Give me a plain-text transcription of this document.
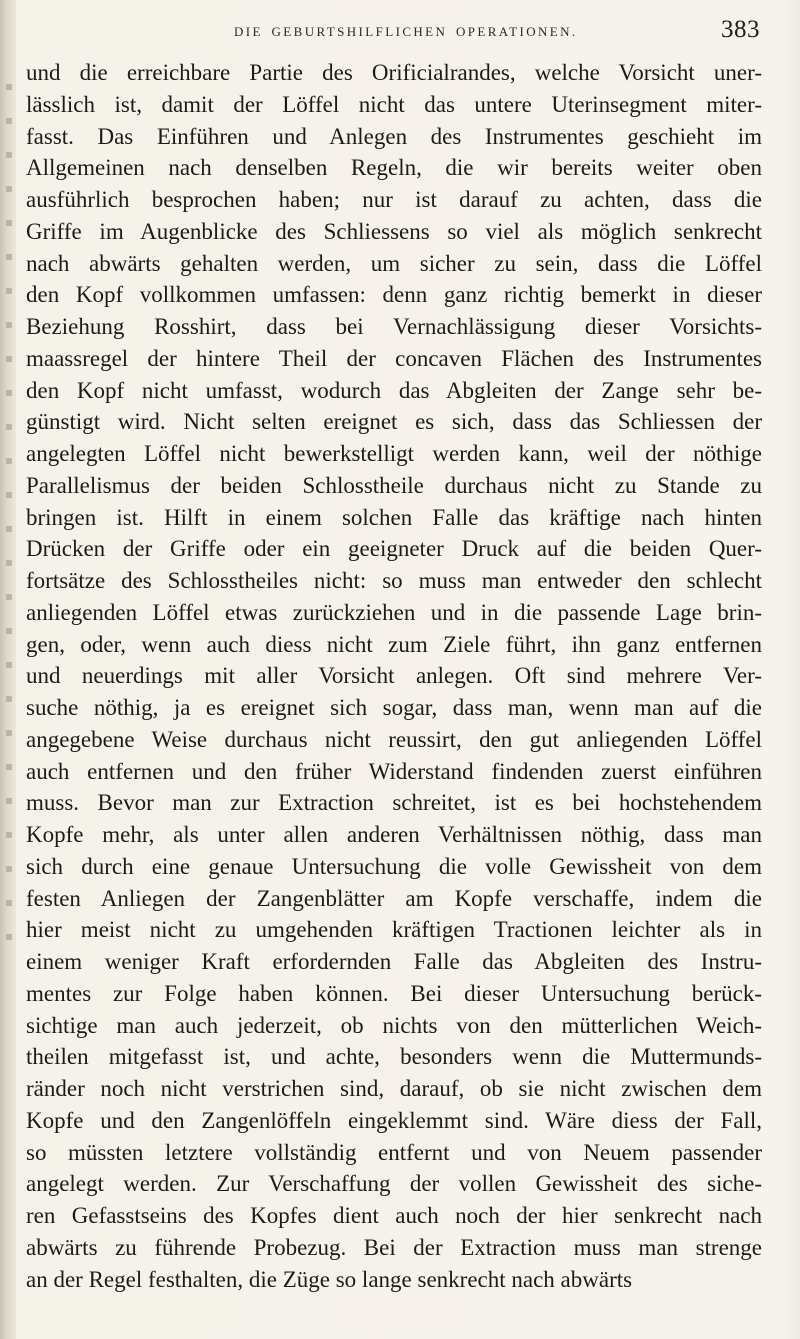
DIE GEBURTSHILFLICHEN OPERATIONEN.	383
und die erreichbare Partie des Orificialrandes, welche Vorsicht uner-
lässlich ist, damit der Löffel nicht das untere Uterinsegment miter-
fasst. Das Einführen und Anlegen des Instrumentes geschieht im
Allgemeinen nach denselben Regeln, die wir bereits weiter oben
ausführlich besprochen haben; nur ist darauf zu achten, dass die
Griffe im Augenblicke des Schliessens so viel als möglich senkrecht
nach abwärts gehalten werden, um sicher zu sein, dass die Löffel
den Kopf vollkommen umfassen: denn ganz richtig bemerkt in dieser
Beziehung Rosshirt, dass bei Vernachlässigung dieser Vorsichts-
maassregel der hintere Theil der concaven Flächen des Instrumentes
den Kopf nicht umfasst, wodurch das Abgleiten der Zange sehr be-
günstigt wird. Nicht selten ereignet es sich, dass das Schliessen der
angelegten Löffel nicht bewerkstelligt werden kann, weil der nöthige
Parallelismus der beiden Schlosstheile durchaus nicht zu Stande zu
bringen ist. Hilft in einem solchen Falle das kräftige nach hinten
Drücken der Griffe oder ein geeigneter Druck auf die beiden Quer-
fortsätze des Schlosstheiles nicht: so muss man entweder den schlecht
anliegenden Löffel etwas zurückziehen und in die passende Lage brin-
gen, oder, wenn auch diess nicht zum Ziele führt, ihn ganz entfernen
und neuerdings mit aller Vorsicht anlegen. Oft sind mehrere Ver-
suche nöthig, ja es ereignet sich sogar, dass man, wenn man auf die
angegebene Weise durchaus nicht reussirt, den gut anliegenden Löffel
auch entfernen und den früher Widerstand findenden zuerst einführen
muss. Bevor man zur Extraction schreitet, ist es bei hochstehendem
Kopfe mehr, als unter allen anderen Verhältnissen nöthig, dass man
sich durch eine genaue Untersuchung die volle Gewissheit von dem
festen Anliegen der Zangenblätter am Kopfe verschaffe, indem die
hier meist nicht zu umgehenden kräftigen Tractionen leichter als in
einem weniger Kraft erfordernden Falle das Abgleiten des Instru-
mentes zur Folge haben können. Bei dieser Untersuchung berück-
sichtige man auch jederzeit, ob nichts von den mütterlichen Weich-
theilen mitgefasst ist, und achte, besonders wenn die Muttermunds-
ränder noch nicht verstrichen sind, darauf, ob sie nicht zwischen dem
Kopfe und den Zangenlöffeln eingeklemmt sind. Wäre diess der Fall,
so müssten letztere vollständig entfernt und von Neuem passender
angelegt werden. Zur Verschaffung der vollen Gewissheit des siche-
ren Gefasstseins des Kopfes dient auch noch der hier senkrecht nach
abwärts zu führende Probezug. Bei der Extraction muss man strenge
an der Regel festhalten, die Züge so lange senkrecht nach abwärts
